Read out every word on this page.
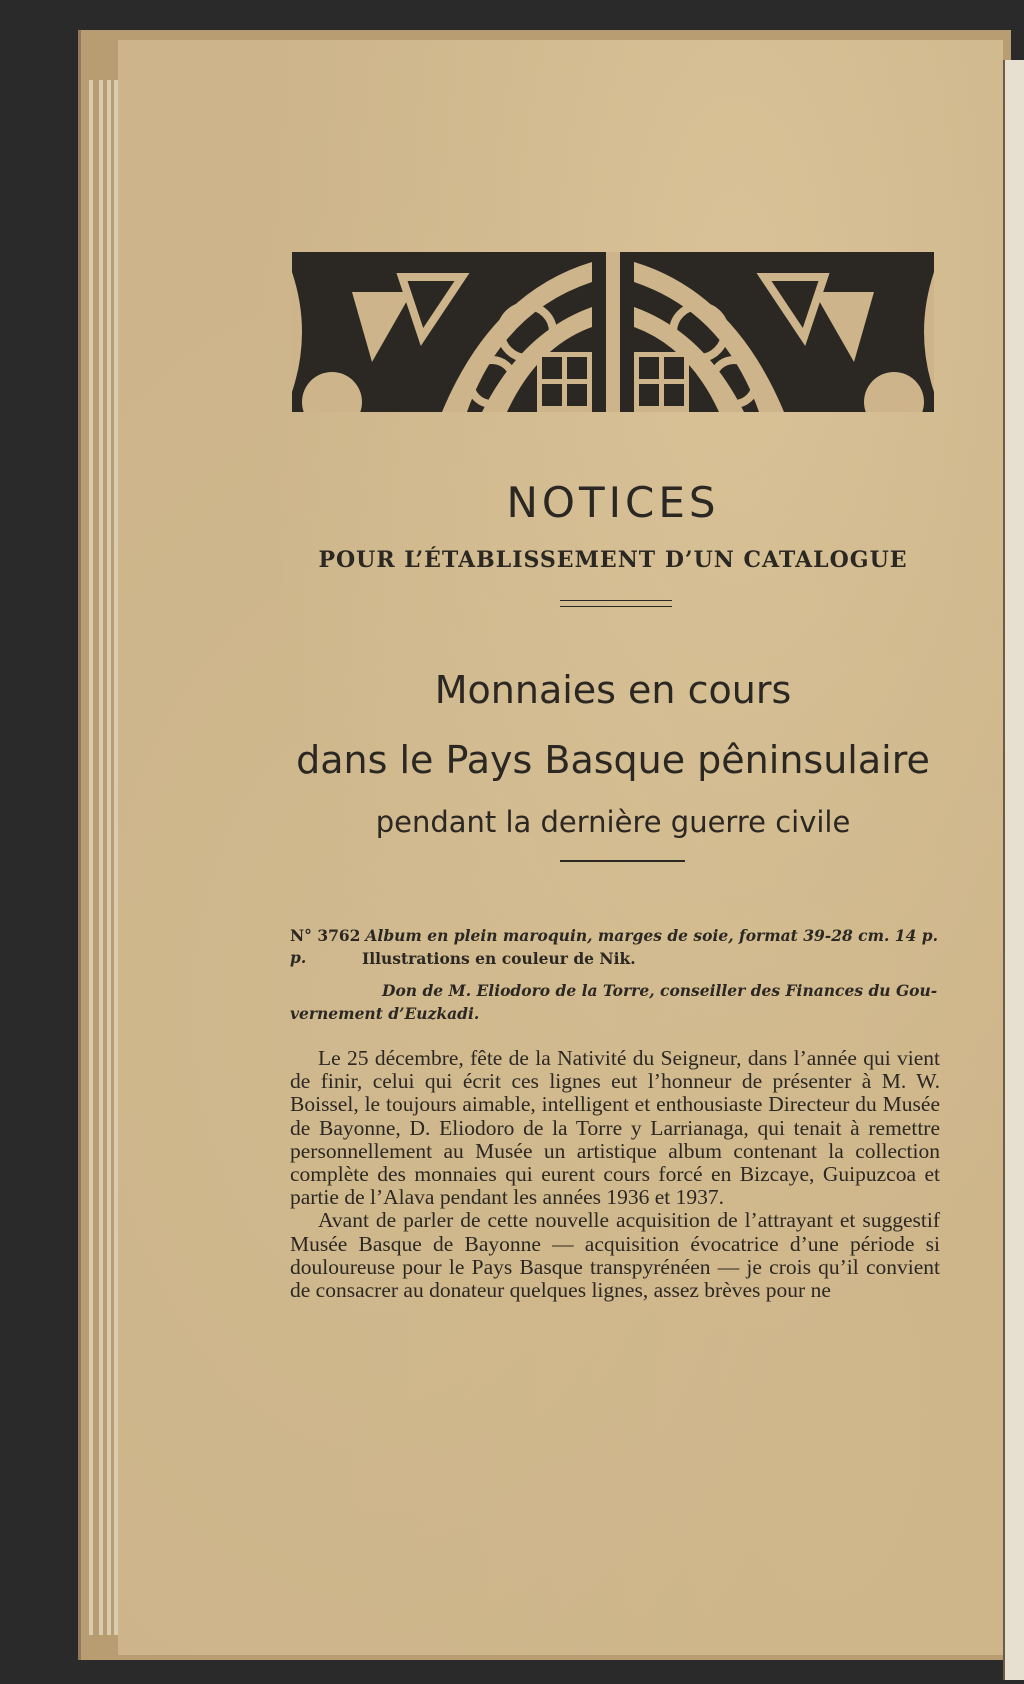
NOTICES
POUR L’ÉTABLISSEMENT D’UN CATALOGUE
Monnaies en cours
dans le Pays Basque pêninsulaire
pendant la dernière guerre civile
N° 3762 Album en plein maroquin, marges de soie, format 39-28 cm. 14 p. p.	Illustrations en couleur de Nik.
Don de M. Eliodoro de la Torre, conseiller des Finances du Gou-
vernement d’Euzkadi.

Le 25 décembre, fête de la Nativité du Seigneur, dans l’année qui vient de finir, celui qui écrit ces lignes eut l’honneur de présenter à M. W. Boissel, le toujours aimable, intelligent et enthousiaste Directeur du Musée de Bayonne, D. Eliodoro de la Torre y Larrianaga, qui tenait à remettre personnellement au Musée un artistique album contenant la collection complète des monnaies qui eurent cours forcé en Bizcaye, Guipuzcoa et partie de l’Alava pendant les années 1936 et 1937.

Avant de parler de cette nouvelle acquisition de l’attrayant et suggestif Musée Basque de Bayonne — acquisition évocatrice d’une période si douloureuse pour le Pays Basque transpyrénéen — je crois qu’il convient de consacrer au donateur quelques lignes, assez brèves pour ne
